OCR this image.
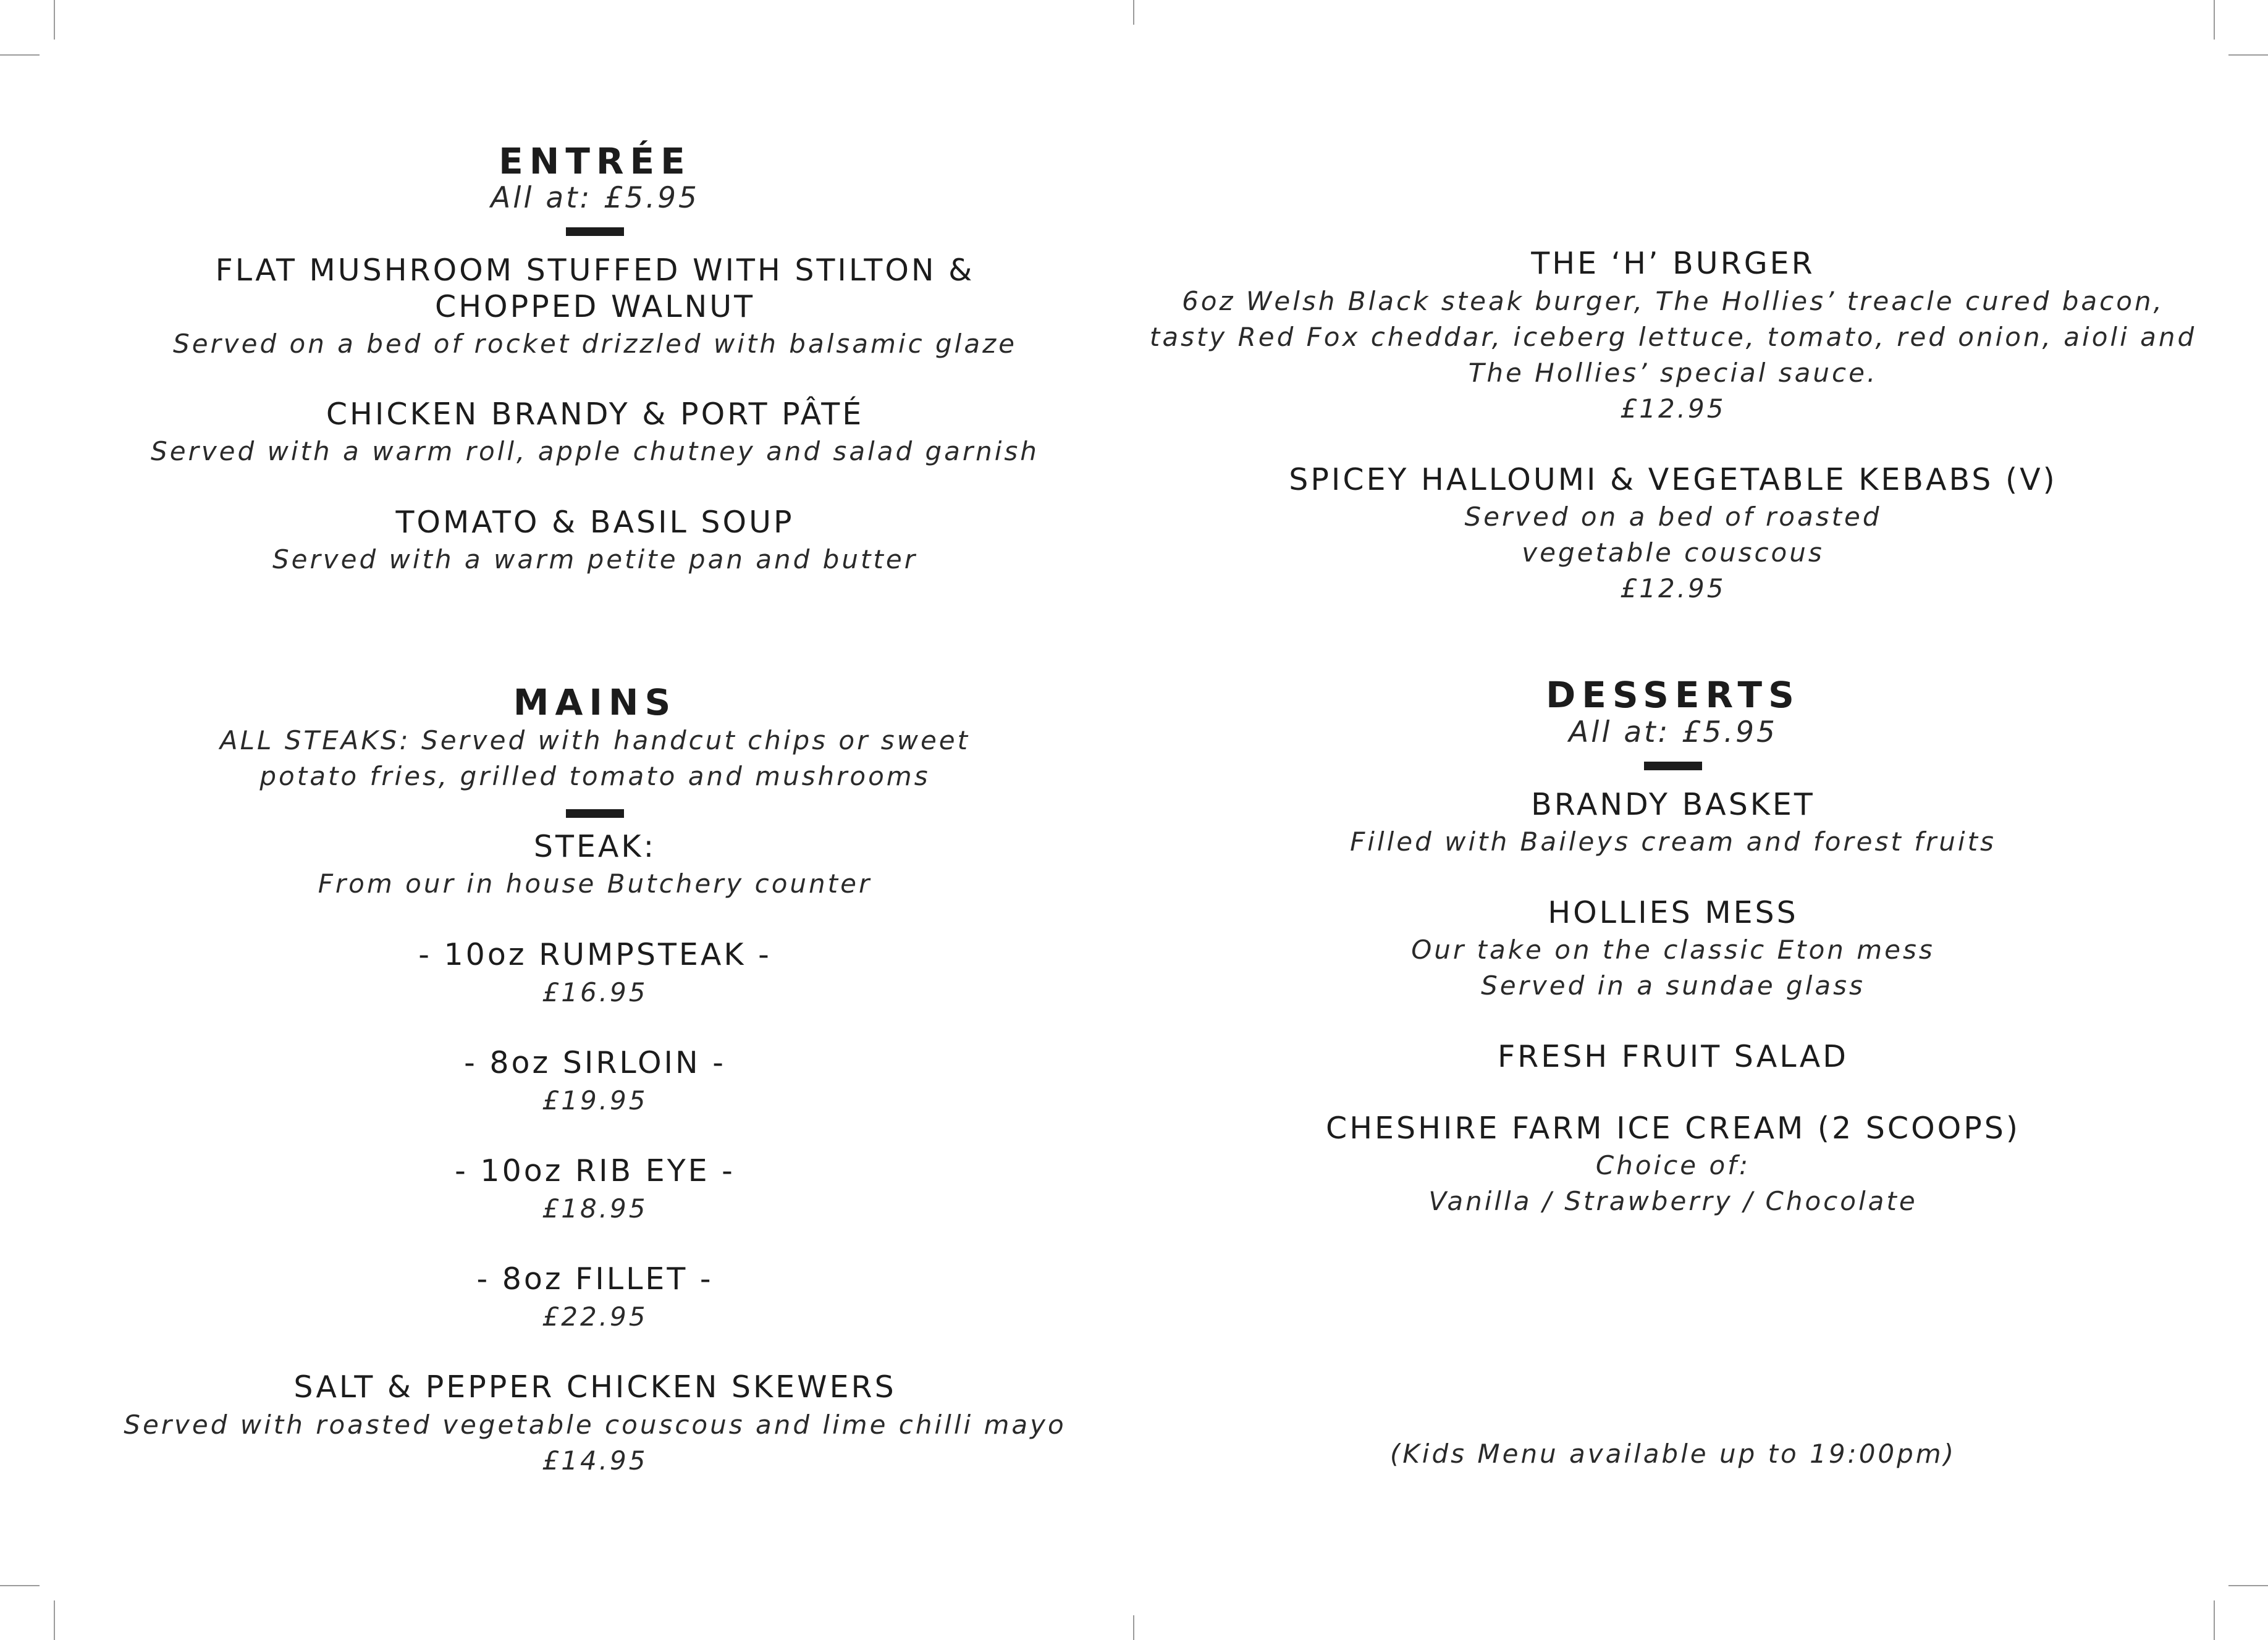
ENTRÉE
All at: £5.95
FLAT MUSHROOM STUFFED WITH STILTON &
CHOPPED WALNUT
Served on a bed of rocket drizzled with balsamic glaze
CHICKEN BRANDY & PORT PÂTÉ
Served with a warm roll, apple chutney and salad garnish
TOMATO & BASIL SOUP
Served with a warm petite pan and butter
MAINS
ALL STEAKS: Served with handcut chips or sweet
potato fries, grilled tomato and mushrooms
STEAK:
From our in house Butchery counter
- 10oz RUMPSTEAK -
£16.95
- 8oz SIRLOIN -
£19.95
- 10oz RIB EYE -
£18.95
- 8oz FILLET -
£22.95
SALT & PEPPER CHICKEN SKEWERS
Served with roasted vegetable couscous and lime chilli mayo
£14.95
THE ‘H’ BURGER
6oz Welsh Black steak burger, The Hollies’ treacle cured bacon,
tasty Red Fox cheddar, iceberg lettuce, tomato, red onion, aioli and
The Hollies’ special sauce.
£12.95
SPICEY HALLOUMI & VEGETABLE KEBABS (V)
Served on a bed of roasted
vegetable couscous
£12.95
DESSERTS
All at: £5.95
BRANDY BASKET
Filled with Baileys cream and forest fruits
HOLLIES MESS
Our take on the classic Eton mess
Served in a sundae glass
FRESH FRUIT SALAD
CHESHIRE FARM ICE CREAM (2 SCOOPS)
Choice of:
Vanilla / Strawberry / Chocolate
(Kids Menu available up to 19:00pm)
